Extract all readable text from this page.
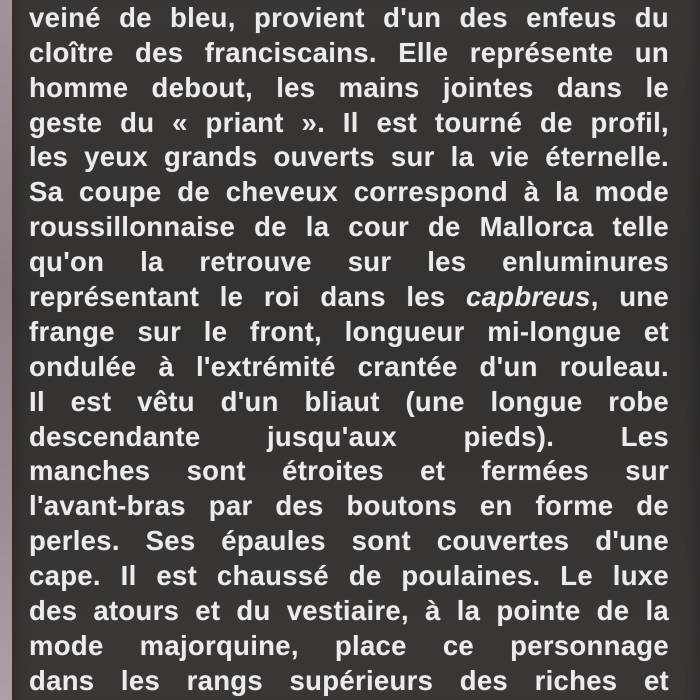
veiné de bleu, provient d'un des enfeus du
cloître des franciscains. Elle représente un
homme debout, les mains jointes dans le
geste du « priant ». Il est tourné de profil,
les yeux grands ouverts sur la vie éternelle.
Sa coupe de cheveux correspond à la mode
roussillonnaise de la cour de Mallorca telle
qu'on la retrouve sur les enluminures
représentant le roi dans les capbreus, une
frange sur le front, longueur mi-longue et
ondulée à l'extrémité crantée d'un rouleau.
Il est vêtu d'un bliaut (une longue robe
descendante jusqu'aux pieds). Les
manches sont étroites et fermées sur
l'avant-bras par des boutons en forme de
perles. Ses épaules sont couvertes d'une
cape. Il est chaussé de poulaines. Le luxe
des atours et du vestiaire, à la pointe de la
mode majorquine, place ce personnage
dans les rangs supérieurs des riches et
